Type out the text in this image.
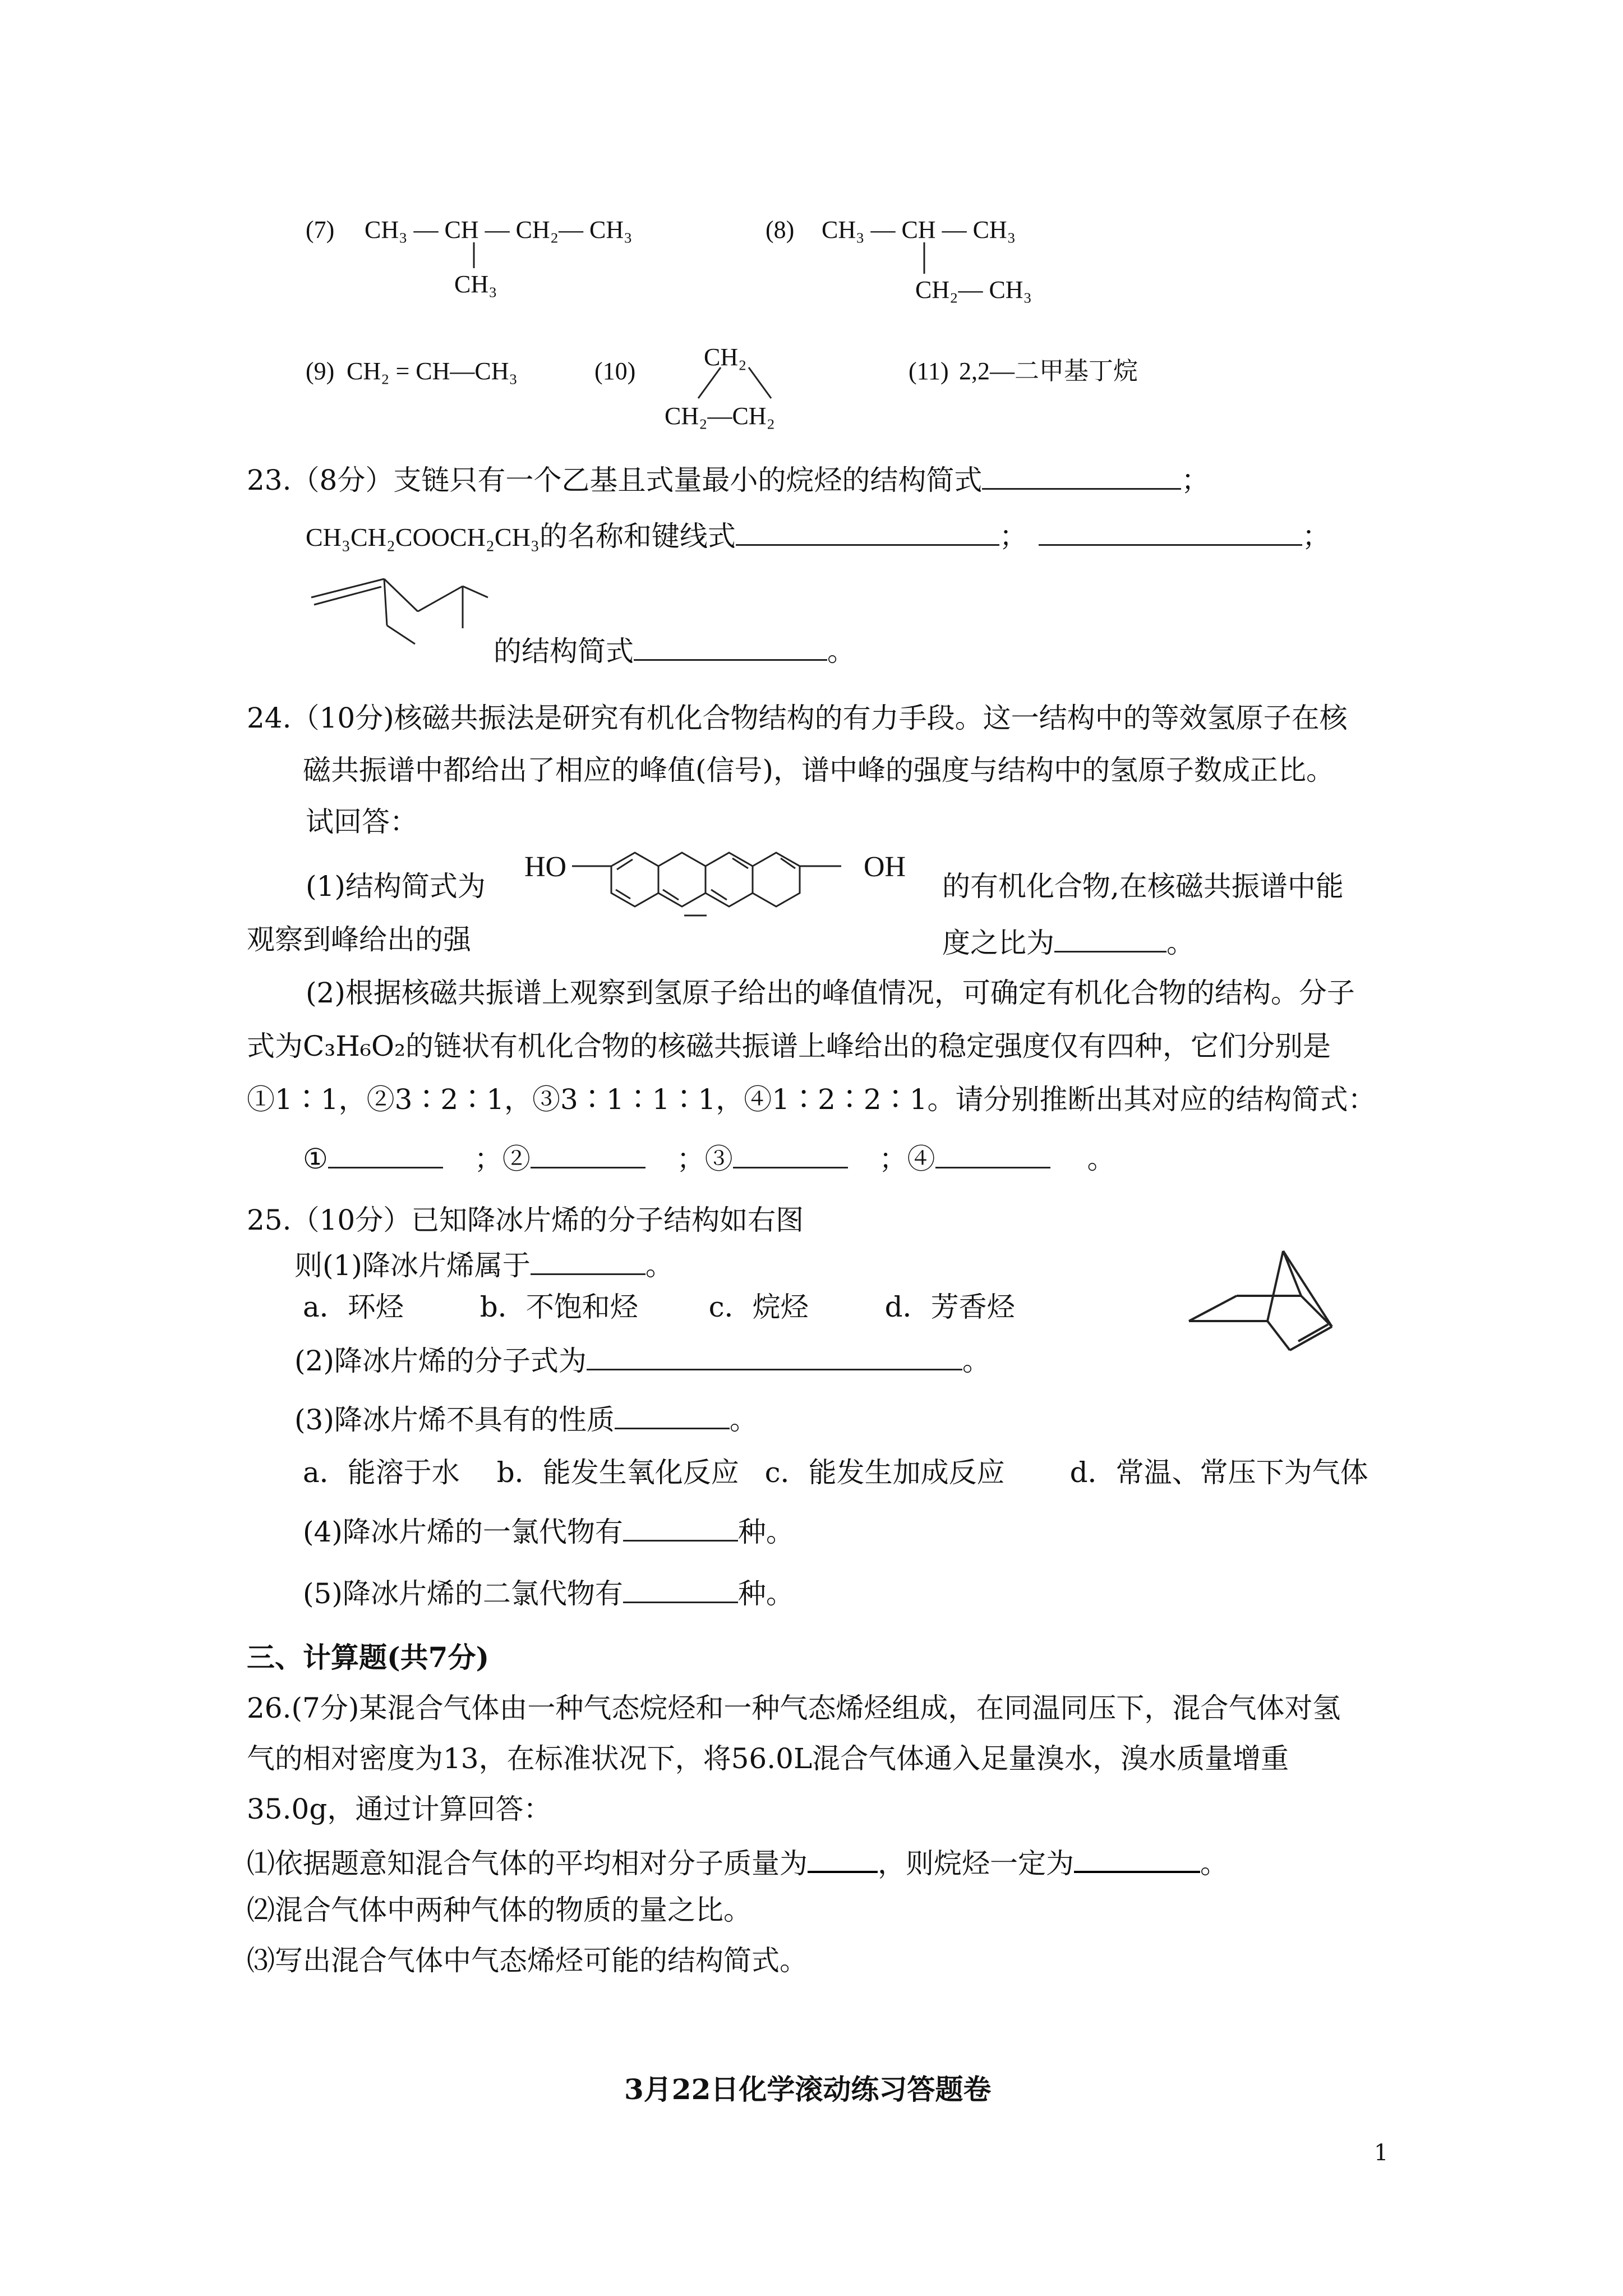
(7) CH₃ — CH — CH₂— CH₃
CH₃
(8) CH₃ — CH — CH₃
CH₂— CH₃
(9) CH₂ = CH—CH₃	(10)
CH₂
CH₂—CH₂
(11) 2,2—二甲基丁烷
23.（8分）支链只有一个乙基且式量最小的烷烃的结构简式	；
CH₃CH₂COOCH₂CH₃的名称和键线式	；	；
的结构简式	。
24.（10分)核磁共振法是研究有机化合物结构的有力手段。这一结构中的等效氢原子在核
磁共振谱中都给出了相应的峰值(信号)，谱中峰的强度与结构中的氢原子数成正比。
试回答：
(1)结构简式为
观察到峰给出的强
的有机化合物,在核磁共振谱中能
度之比为	。
HO	OH
(2)根据核磁共振谱上观察到氢原子给出的峰值情况，可确定有机化合物的结构。分子
式为C₃H₆O₂的链状有机化合物的核磁共振谱上峰给出的稳定强度仅有四种，它们分别是
①1∶1，②3∶2∶1，③3∶1∶1∶1，④1∶2∶2∶1。请分别推断出其对应的结构简式：
①	；②	；③	；④	。
25.（10分）已知降冰片烯的分子结构如右图
则(1)降冰片烯属于	。
a．环烃	b．不饱和烃	c．烷烃	d．芳香烃
(2)降冰片烯的分子式为	。
(3)降冰片烯不具有的性质	。
a．能溶于水 b．能发生氧化反应 c．能发生加成反应 d．常温、常压下为气体
(4)降冰片烯的一氯代物有	种。
(5)降冰片烯的二氯代物有	种。
三、计算题(共7分)
26.(7分)某混合气体由一种气态烷烃和一种气态烯烃组成，在同温同压下，混合气体对氢
气的相对密度为13，在标准状况下，将56.0L混合气体通入足量溴水，溴水质量增重
35.0g，通过计算回答：
⑴依据题意知混合气体的平均相对分子质量为	，则烷烃一定为	。
⑵混合气体中两种气体的物质的量之比。
⑶写出混合气体中气态烯烃可能的结构简式。
3月22日化学滚动练习答题卷
1
